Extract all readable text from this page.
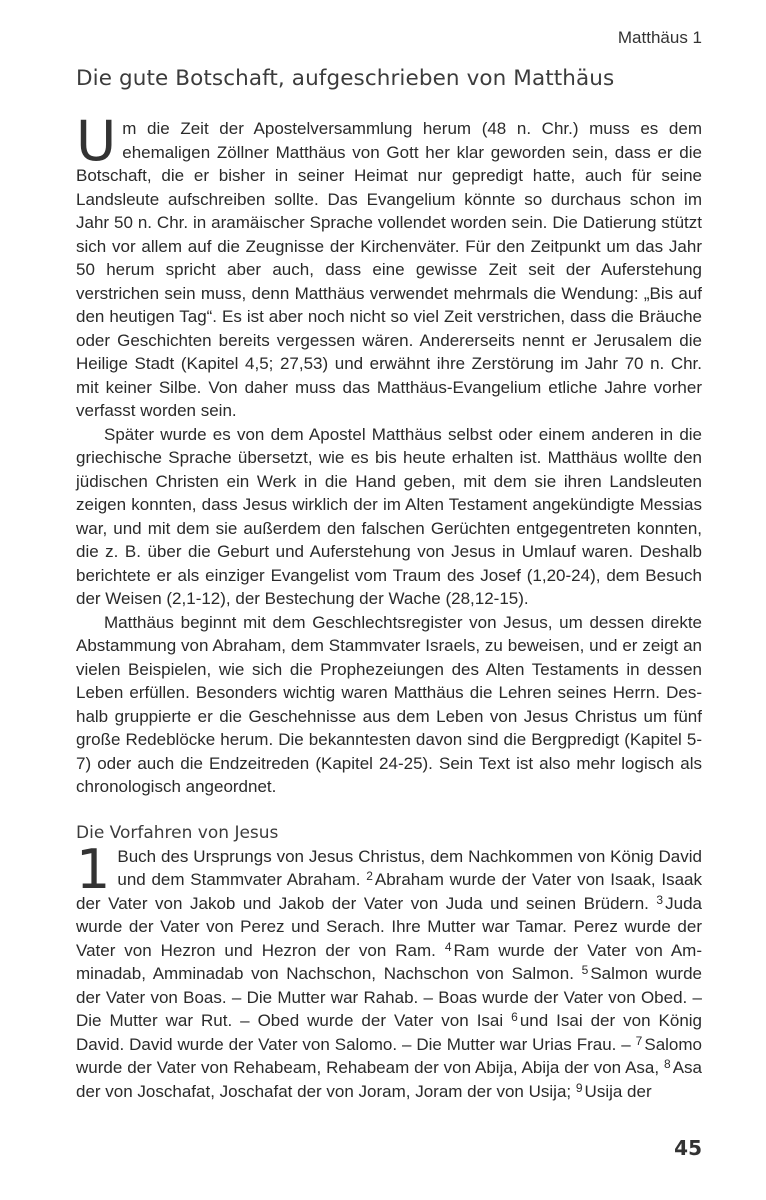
Matthäus 1
Die gute Botschaft, aufgeschrieben von Matthäus

Um die Zeit der Apostelversammlung herum (48 n. Chr.) muss es dem ehemaligen Zöllner Matthäus von Gott her klar geworden sein, dass er die Botschaft, die er bisher in seiner Heimat nur gepredigt hatte, auch für seine Landsleute aufschreiben sollte. Das Evangelium könnte so durchaus schon im Jahr 50 n. Chr. in aramäischer Sprache vollendet worden sein. Die Datierung stützt sich vor allem auf die Zeugnisse der Kirchenväter. Für den Zeitpunkt um das Jahr 50 herum spricht aber auch, dass eine gewisse Zeit seit der Auferstehung verstrichen sein muss, denn Matthäus verwendet mehrmals die Wendung: „Bis auf den heutigen Tag“. Es ist aber noch nicht so viel Zeit verstrichen, dass die Bräuche oder Geschichten bereits vergessen wären. Andererseits nennt er Jerusalem die Heilige Stadt (Kapitel 4,5; 27,53) und erwähnt ihre Zerstörung im Jahr 70 n. Chr. mit keiner Silbe. Von daher muss das Matthäus-Evangelium etliche Jahre vorher verfasst worden sein.

Später wurde es von dem Apostel Matthäus selbst oder einem anderen in die griechische Sprache übersetzt, wie es bis heute erhalten ist. Matthäus wollte den jüdischen Christen ein Werk in die Hand geben, mit dem sie ihren Landsleuten zeigen konnten, dass Jesus wirklich der im Alten Testament angekündigte Messias war, und mit dem sie außerdem den falschen Gerüchten entgegentreten konnten, die z. B. über die Geburt und Auferstehung von Jesus in Umlauf waren. Deshalb berichtete er als einziger Evangelist vom Traum des Josef (1,20-24), dem Besuch der Weisen (2,1-12), der Bestechung der Wache (28,12-15).

Matthäus beginnt mit dem Geschlechtsregister von Jesus, um dessen direkte Abstammung von Abraham, dem Stammvater Israels, zu beweisen, und er zeigt an vielen Beispielen, wie sich die Prophezeiungen des Alten Testaments in dessen Leben erfüllen. Besonders wichtig waren Matthäus die Lehren seines Herrn. Deshalb gruppierte er die Geschehnisse aus dem Leben von Jesus Christus um fünf große Redeblöcke herum. Die bekanntesten davon sind die Bergpredigt (Kapitel 5-7) oder auch die Endzeitreden (Kapitel 24-25). Sein Text ist also mehr logisch als chronologisch angeordnet.

Die Vorfahren von Jesus

1 Buch des Ursprungs von Jesus Christus, dem Nachkommen von König David und dem Stammvater Abraham. $^2$ Abraham wurde der Vater von Isaak, Isaak der Vater von Jakob und Jakob der Vater von Juda und seinen Brüdern. $^3$ Juda wurde der Vater von Perez und Serach. Ihre Mutter war Tamar. Perez wurde der Vater von Hezron und Hezron der von Ram. $^4$ Ram wurde der Vater von Amminadab, Amminadab von Nachschon, Nachschon von Salmon. $^5$ Salmon wurde der Vater von Boas. – Die Mutter war Rahab. – Boas wurde der Vater von Obed. – Die Mutter war Rut. – Obed wurde der Vater von Isai $^6$ und Isai der von König David. David wurde der Vater von Salomo. – Die Mutter war Urias Frau. – $^7$ Salomo wurde der Vater von Rehabeam, Rehabeam der von Abija, Abija der von Asa, $^8$ Asa der von Joschafat, Joschafat der von Joram, Joram der von Usija; $^9$ Usija der

45
